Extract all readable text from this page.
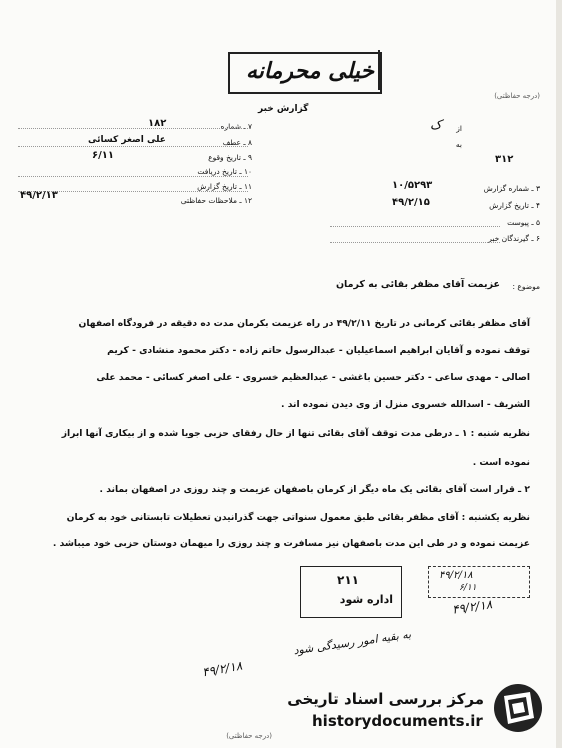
(درجه حفاظتی)
خیلی محرمانه
گزارش خبر
۷ ـ شماره
۱۸۲
۸ ـ عطف
علی اصغر کسائی
۹ ـ تاریخ وقوع
۶/۱۱
۱۰ ـ تاریخ دریافت
۱۱ ـ تاریخ گزارش
۱۲ ـ ملاحظات حفاظتی
۴۹/۲/۱۳
از
ک
به
۳۱۲
۳ ـ شماره گزارش
۱۰/۵۲۹۳
۴ ـ تاریخ گزارش
۴۹/۲/۱۵
۵ ـ پیوست
۶ ـ گیرندگان خبر
موضوع :
عزیمت آقای مظفر بقائی به کرمان
آقای مظفر بقائی کرمانی در تاریخ ۴۹/۲/۱۱ در راه عزیمت بکرمان مدت ده دقیقه در فرودگاه اصفهان
توقف نموده و آقایان ابراهیم اسماعیلیان - عبدالرسول حاتم زاده - دکتر محمود منشادی - کریم
اصالی - مهدی ساعی - دکتر حسین باغشی - عبدالعظیم خسروی - علی اصغر کسائی - محمد علی
الشریف - اسدالله خسروی منزل از وی دیدن نموده اند .
نظریه شنبه : ۱ ـ درطی مدت توقف آقای بقائی تنها از حال رفقای حزبی جویا شده و از بیکاری آنها ابراز
نموده است .
۲ ـ قرار است آقای بقائی یک ماه دیگر از کرمان باصفهان عزیمت و چند روزی در اصفهان بماند .
نظریه یکشنبه : آقای مظفر بقائی طبق معمول سنواتی جهت گذرانیدن تعطیلات تابستانی خود به کرمان
عزیمت نموده و در طی این مدت باصفهان نیز مسافرت و چند روزی را میهمان دوستان حزبی خود میباشد .
۲۱۱
اداره شود
۴۹/۲/۱۸
۶/۱۱
۴۹/۲/۱۸
به بقیه امور رسیدگی شود
۴۹/۲/۱۸
(درجه حفاظتی)
مرکز بررسی اسناد تاریخی
historydocuments.ir
